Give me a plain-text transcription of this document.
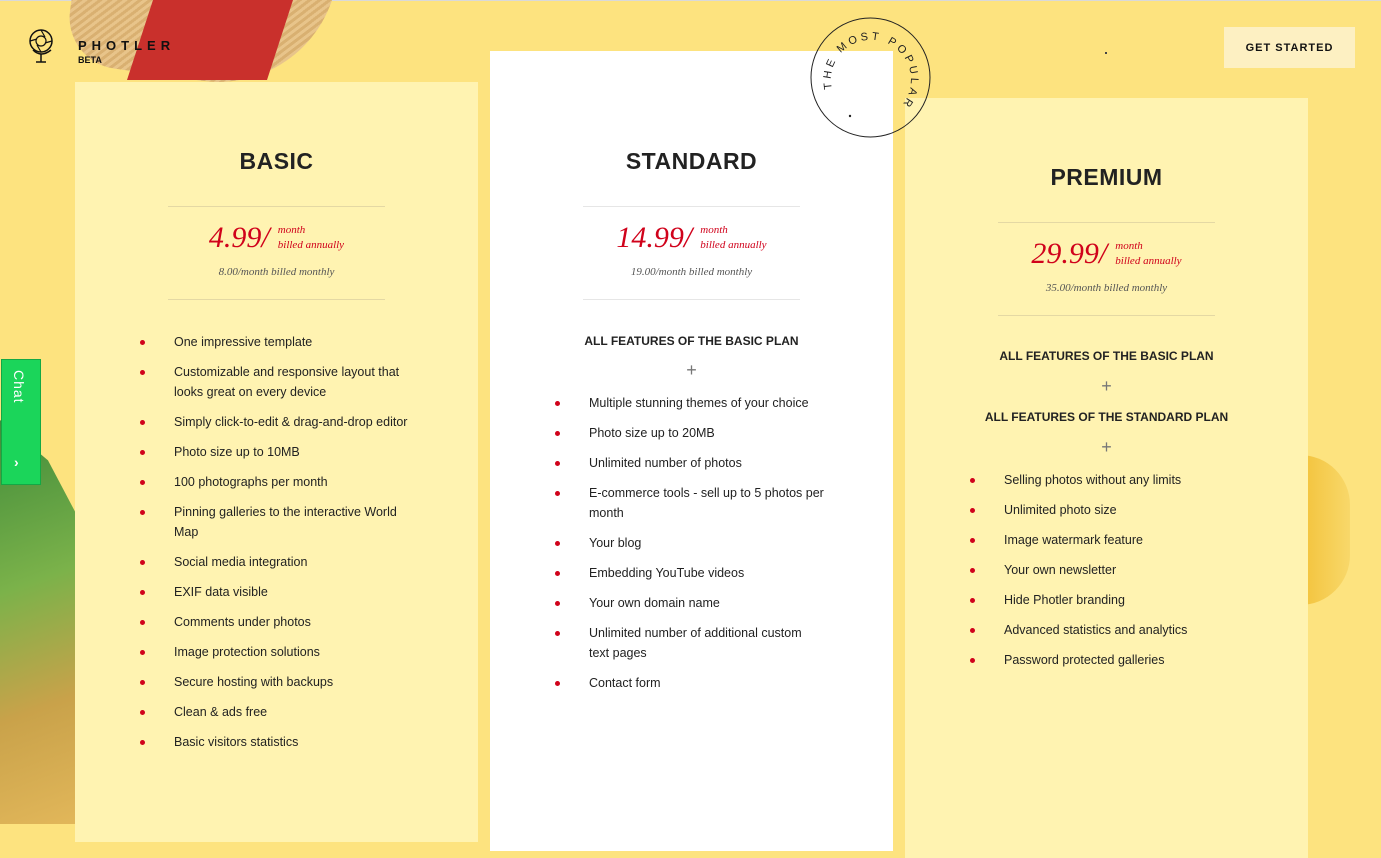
PHOTLER
BETA
GET STARTED
BASIC
4.99/ month
billed annually
8.00/month billed monthly
One impressive template
Customizable and responsive layout that looks great on every device
Simply click-to-edit & drag-and-drop editor
Photo size up to 10MB
100 photographs per month
Pinning galleries to the interactive World Map
Social media integration
EXIF data visible
Comments under photos
Image protection solutions
Secure hosting with backups
Clean & ads free
Basic visitors statistics
STANDARD
14.99/ month
billed annually
19.00/month billed monthly
ALL FEATURES OF THE BASIC PLAN
+
Multiple stunning themes of your choice
Photo size up to 20MB
Unlimited number of photos
E-commerce tools - sell up to 5 photos per month
Your blog
Embedding YouTube videos
Your own domain name
Unlimited number of additional custom text pages
Contact form
PREMIUM
29.99/ month
billed annually
35.00/month billed monthly
ALL FEATURES OF THE BASIC PLAN
+
ALL FEATURES OF THE STANDARD PLAN
+
Selling photos without any limits
Unlimited photo size
Image watermark feature
Your own newsletter
Hide Photler branding
Advanced statistics and analytics
Password protected galleries
THE MOST POPULAR
Chat
›
